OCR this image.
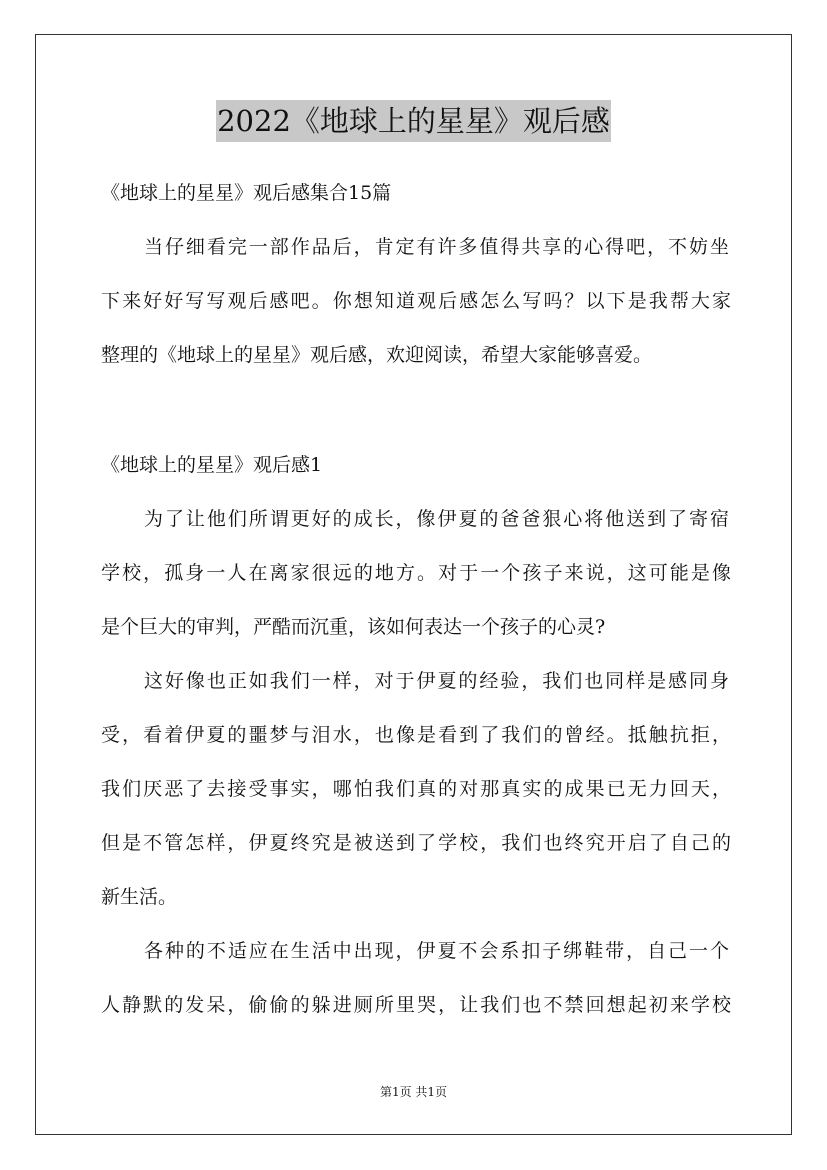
2022《地球上的星星》观后感
《地球上的星星》观后感集合15篇
当仔细看完一部作品后，肯定有许多值得共享的心得吧，不妨坐
下来好好写写观后感吧。你想知道观后感怎么写吗？以下是我帮大家
整理的《地球上的星星》观后感，欢迎阅读，希望大家能够喜爱。
《地球上的星星》观后感1
为了让他们所谓更好的成长，像伊夏的爸爸狠心将他送到了寄宿
学校，孤身一人在离家很远的地方。对于一个孩子来说，这可能是像
是个巨大的审判，严酷而沉重，该如何表达一个孩子的心灵?
这好像也正如我们一样，对于伊夏的经验，我们也同样是感同身
受，看着伊夏的噩梦与泪水，也像是看到了我们的曾经。抵触抗拒，
我们厌恶了去接受事实，哪怕我们真的对那真实的成果已无力回天，
但是不管怎样，伊夏终究是被送到了学校，我们也终究开启了自己的
新生活。
各种的不适应在生活中出现，伊夏不会系扣子绑鞋带，自己一个
人静默的发呆，偷偷的躲进厕所里哭，让我们也不禁回想起初来学校
第1页 共1页
